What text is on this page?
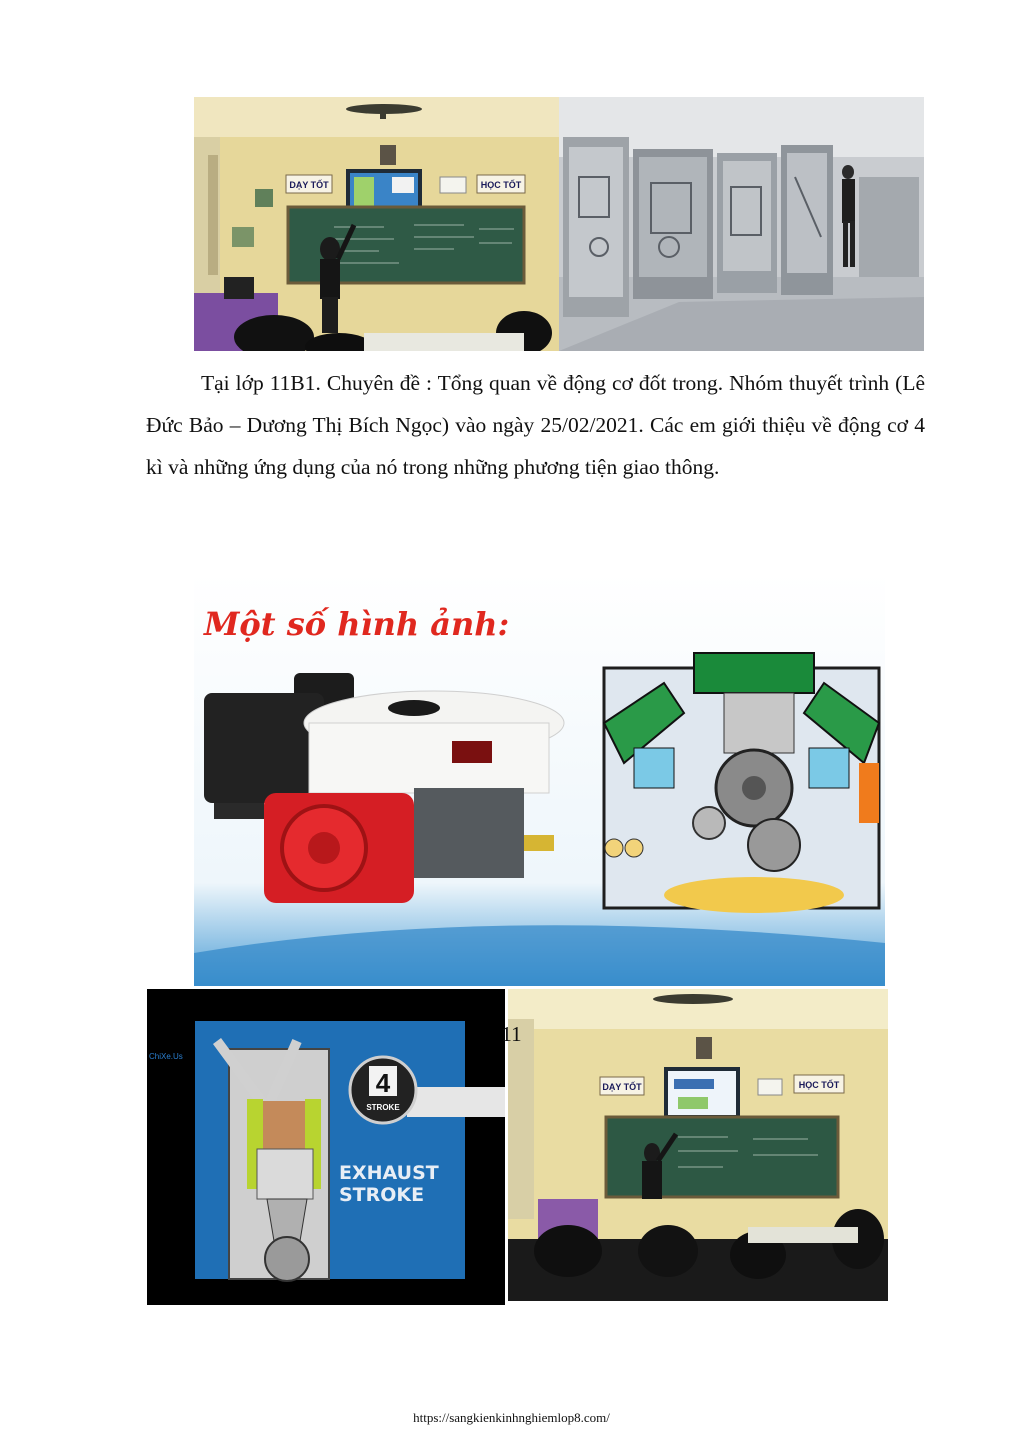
DẠY TỐT	HỌC TỐT

Tại lớp 11B1. Chuyên đề : Tổng quan về động cơ đốt trong. Nhóm thuyết trình (Lê Đức Bảo – Dương Thị Bích Ngọc) vào ngày 25/02/2021. Các em giới thiệu về động cơ 4 kì và những ứng dụng của nó trong những phương tiện giao thông.

Một số hình ảnh:
ChiXe.Us
4
STROKE
EXHAUST
STROKE
DẠY TỐT	HỌC TỐT
11
https://sangkienkinhnghiemlop8.com/
